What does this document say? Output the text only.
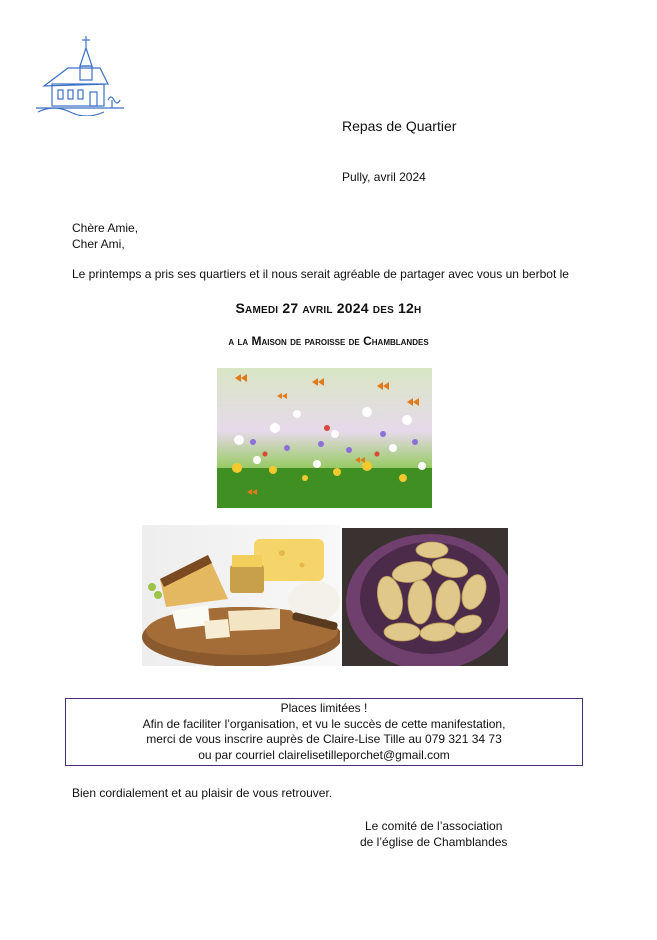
Repas de Quartier
Pully, avril 2024
Chère Amie,
Cher Ami,
Le printemps a pris ses quartiers et il nous serait agréable de partager avec vous un berbot le
Samedi 27 avril 2024 des 12h
a la Maison de paroisse de Chamblandes
Places limitées !
Afin de faciliter l’organisation, et vu le succès de cette manifestation,
merci de vous inscrire auprès de Claire-Lise Tille au 079 321 34 73
ou par courriel clairelisetilleporchet@gmail.com
Bien cordialement et au plaisir de vous retrouver.
Le comité de l’association
de l’église de Chamblandes
